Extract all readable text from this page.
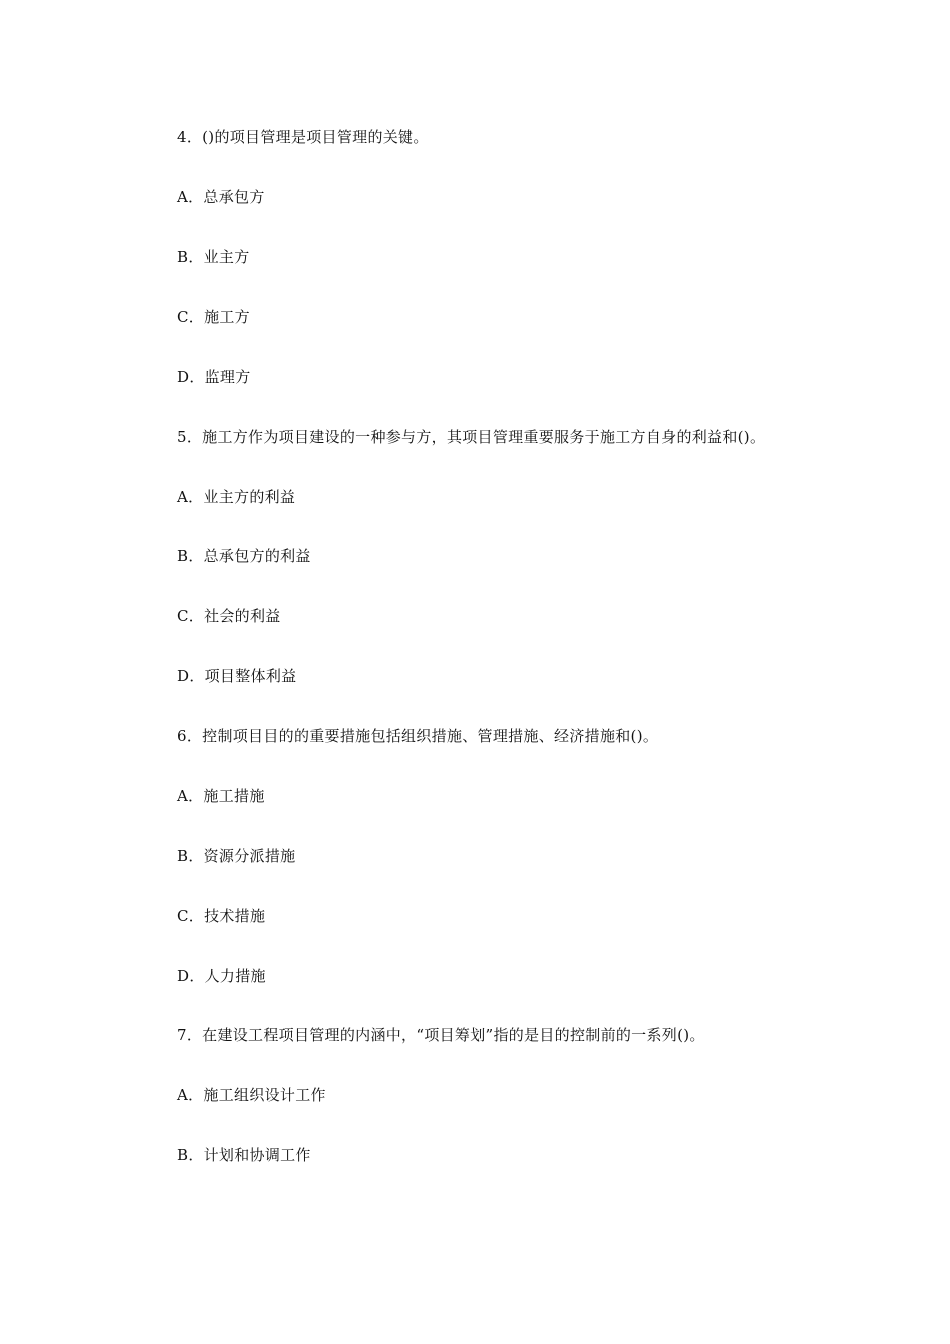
4．()的项目管理是项目管理的关键。
A．总承包方
B．业主方
C．施工方
D．监理方
5．施工方作为项目建设的一种参与方，其项目管理重要服务于施工方自身的利益和()。
A．业主方的利益
B．总承包方的利益
C．社会的利益
D．项目整体利益
6．控制项目目的的重要措施包括组织措施、管理措施、经济措施和()。
A．施工措施
B．资源分派措施
C．技术措施
D．人力措施
7．在建设工程项目管理的内涵中，“项目筹划”指的是目的控制前的一系列()。
A．施工组织设计工作
B．计划和协调工作
